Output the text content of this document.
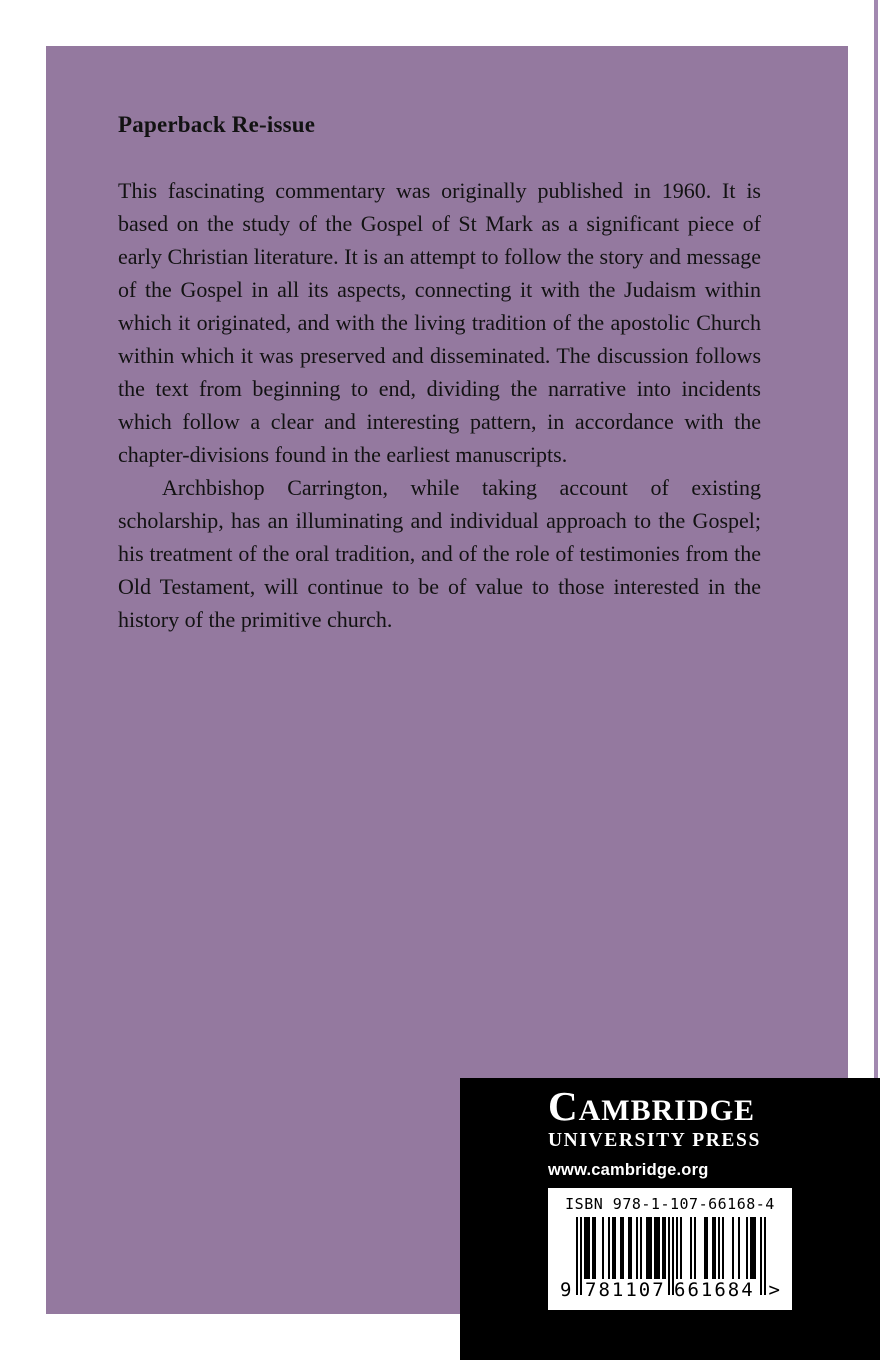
Paperback Re-issue

This fascinating commentary was originally published in 1960. It is based on the study of the Gospel of St Mark as a significant piece of early Christian literature. It is an attempt to follow the story and message of the Gospel in all its aspects, connecting it with the Judaism within which it originated, and with the living tradition of the apostolic Church within which it was preserved and disseminated. The discussion follows the text from beginning to end, dividing the narrative into incidents which follow a clear and interesting pattern, in accordance with the chapter-divisions found in the earliest manuscripts.

Archbishop Carrington, while taking account of existing scholarship, has an illuminating and individual approach to the Gospel; his treatment of the oral tradition, and of the role of testimonies from the Old Testament, will continue to be of value to those interested in the history of the primitive church.

CAMBRIDGE
UNIVERSITY PRESS
www.cambridge.org
ISBN 978-1-107-66168-4
9 781107 661684 >
